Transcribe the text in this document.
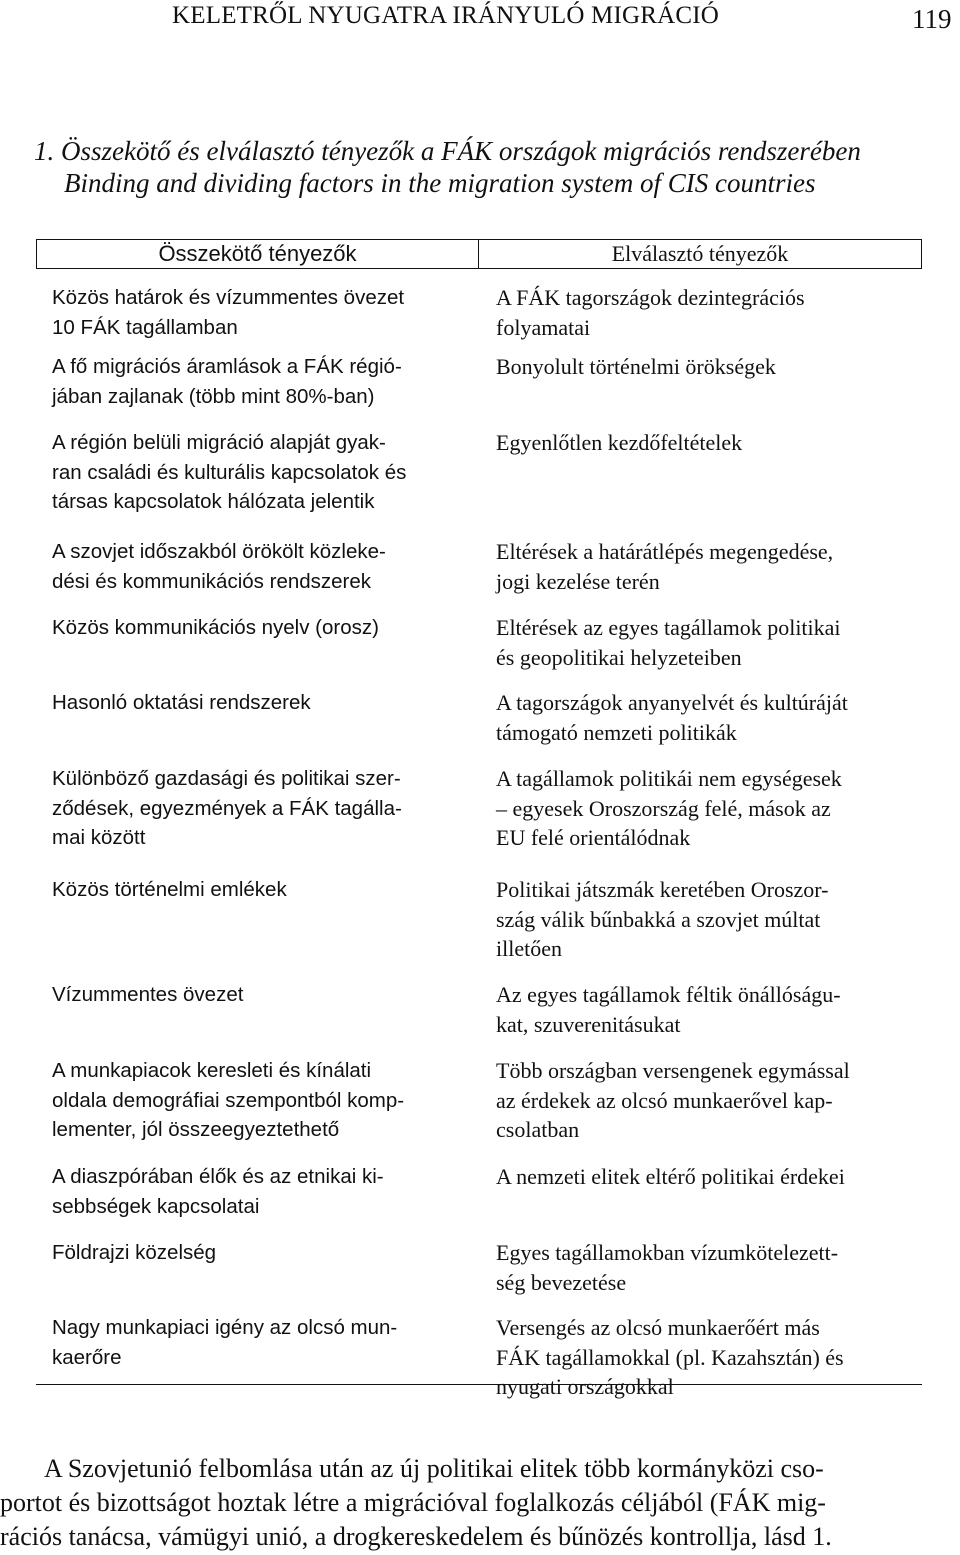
KELETRŐL NYUGATRA IRÁNYULÓ MIGRÁCIÓ	119
1. Összekötő és elválasztó tényezők a FÁK országok migrációs rendszerében
Binding and dividing factors in the migration system of CIS countries
Összekötő tényezők	Elválasztó tényezők
Közös határok és vízummentes övezet
10 FÁK tagállamban
A fő migrációs áramlások a FÁK régió-
jában zajlanak (több mint 80%-ban)
A régión belüli migráció alapját gyak-
ran családi és kulturális kapcsolatok és
társas kapcsolatok hálózata jelentik
A szovjet időszakból örökölt közleke-
dési és kommunikációs rendszerek
Közös kommunikációs nyelv (orosz)
Hasonló oktatási rendszerek
Különböző gazdasági és politikai szer-
ződések, egyezmények a FÁK tagálla-
mai között
Közös történelmi emlékek
Vízummentes övezet
A munkapiacok keresleti és kínálati
oldala demográfiai szempontból komp-
lementer, jól összeegyeztethető
A diaszpórában élők és az etnikai ki-
sebbségek kapcsolatai
Földrajzi közelség
Nagy munkapiaci igény az olcsó mun-
kaerőre
A FÁK tagországok dezintegrációs
folyamatai
Bonyolult történelmi örökségek
Egyenlőtlen kezdőfeltételek
Eltérések a határátlépés megengedése,
jogi kezelése terén
Eltérések az egyes tagállamok politikai
és geopolitikai helyzeteiben
A tagországok anyanyelvét és kultúráját
támogató nemzeti politikák
A tagállamok politikái nem egységesek
– egyesek Oroszország felé, mások az
EU felé orientálódnak
Politikai játszmák keretében Oroszor-
szág válik bűnbakká a szovjet múltat
illetően
Az egyes tagállamok féltik önállóságu-
kat, szuverenitásukat
Több országban versengenek egymással
az érdekek az olcsó munkaerővel kap-
csolatban
A nemzeti elitek eltérő politikai érdekei
Egyes tagállamokban vízumkötelezett-
ség bevezetése
Versengés az olcsó munkaerőért más
FÁK tagállamokkal (pl. Kazahsztán) és
nyugati országokkal
A Szovjetunió felbomlása után az új politikai elitek több kormányközi cso-
portot és bizottságot hoztak létre a migrációval foglalkozás céljából (FÁK mig-
rációs tanácsa, vámügyi unió, a drogkereskedelem és bűnözés kontrollja, lásd 1.
